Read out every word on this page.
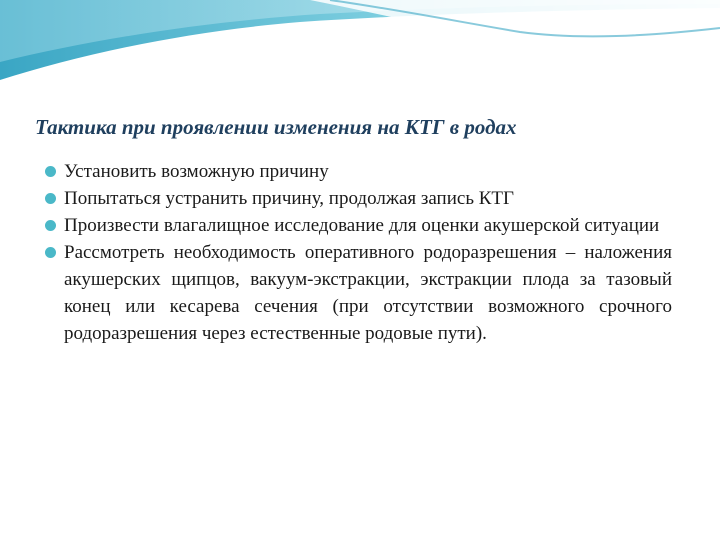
Тактика при проявлении изменения на КТГ в родах
Установить возможную причину
Попытаться устранить причину, продолжая запись КТГ
Произвести влагалищное исследование для оценки акушерской ситуации
Рассмотреть необходимость оперативного родоразрешения – наложения акушерских щипцов, вакуум-экстракции, экстракции плода за тазовый конец или кесарева сечения (при отсутствии возможного срочного родоразрешения через естественные родовые пути).
